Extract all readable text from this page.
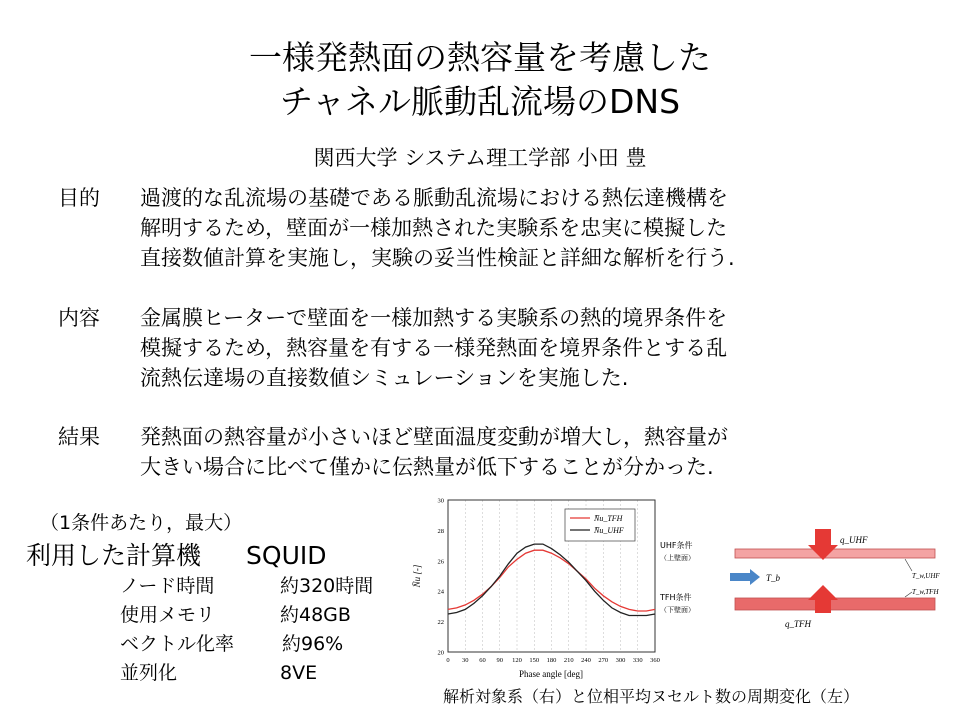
一様発熱面の熱容量を考慮した
チャネル脈動乱流場のDNS
関西大学 システム理工学部 小田 豊
目的	過渡的な乱流場の基礎である脈動乱流場における熱伝達機構を
解明するため，壁面が一様加熱された実験系を忠実に模擬した
直接数値計算を実施し，実験の妥当性検証と詳細な解析を行う.
内容	金属膜ヒーターで壁面を一様加熱する実験系の熱的境界条件を
模擬するため，熱容量を有する一様発熱面を境界条件とする乱
流熱伝達場の直接数値シミュレーションを実施した.
結果	発熱面の熱容量が小さいほど壁面温度変動が増大し，熱容量が
大きい場合に比べて僅かに伝熱量が低下することが分かった.
（1条件あたり，最大）
利用した計算機 SQUID
ノード時間	約320時間
使用メモリ	約48GB
ベクトル化率	約96%
並列化	8VE
0 30 60 90 120 150 180 210 240 270 300 330 360
20
22
24
26
28
30
N̄u_TFH
N̄u_UHF
Phase angle [deg]
N̄u [-]
UHF条件
（上壁面）
TFH条件
（下壁面）
q_UHF
q_TFH
T_b	T_w,UHF
T_w,TFH
解析対象系（右）と位相平均ヌセルト数の周期変化（左）
